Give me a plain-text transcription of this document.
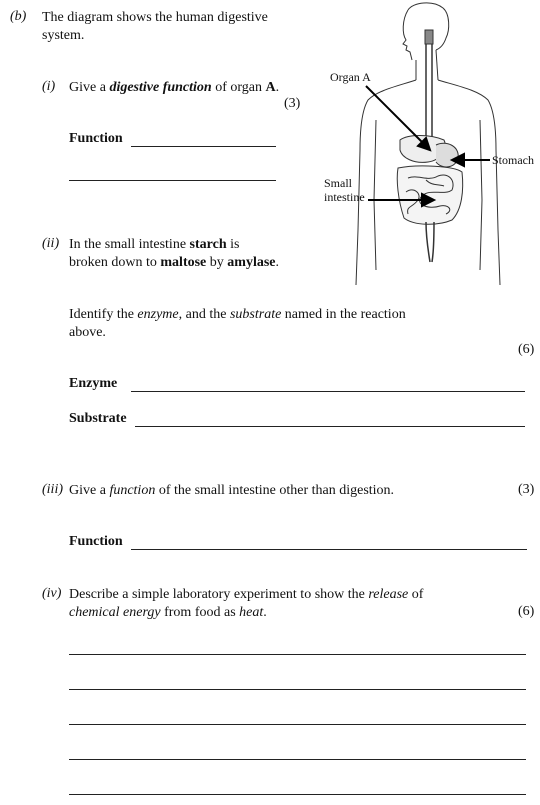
(b) The diagram shows the human digestive
system.
(i) Give a digestive function of organ A.
(3)
Function
Organ A
Stomach
Small
intestine
(ii) In the small intestine starch is
broken down to maltose by amylase.
Identify the enzyme, and the substrate named in the reaction
above.
(6)
Enzyme
Substrate
(iii) Give a function of the small intestine other than digestion.	(3)
Function
(iv) Describe a simple laboratory experiment to show the release of
chemical energy from food as heat.	(6)
